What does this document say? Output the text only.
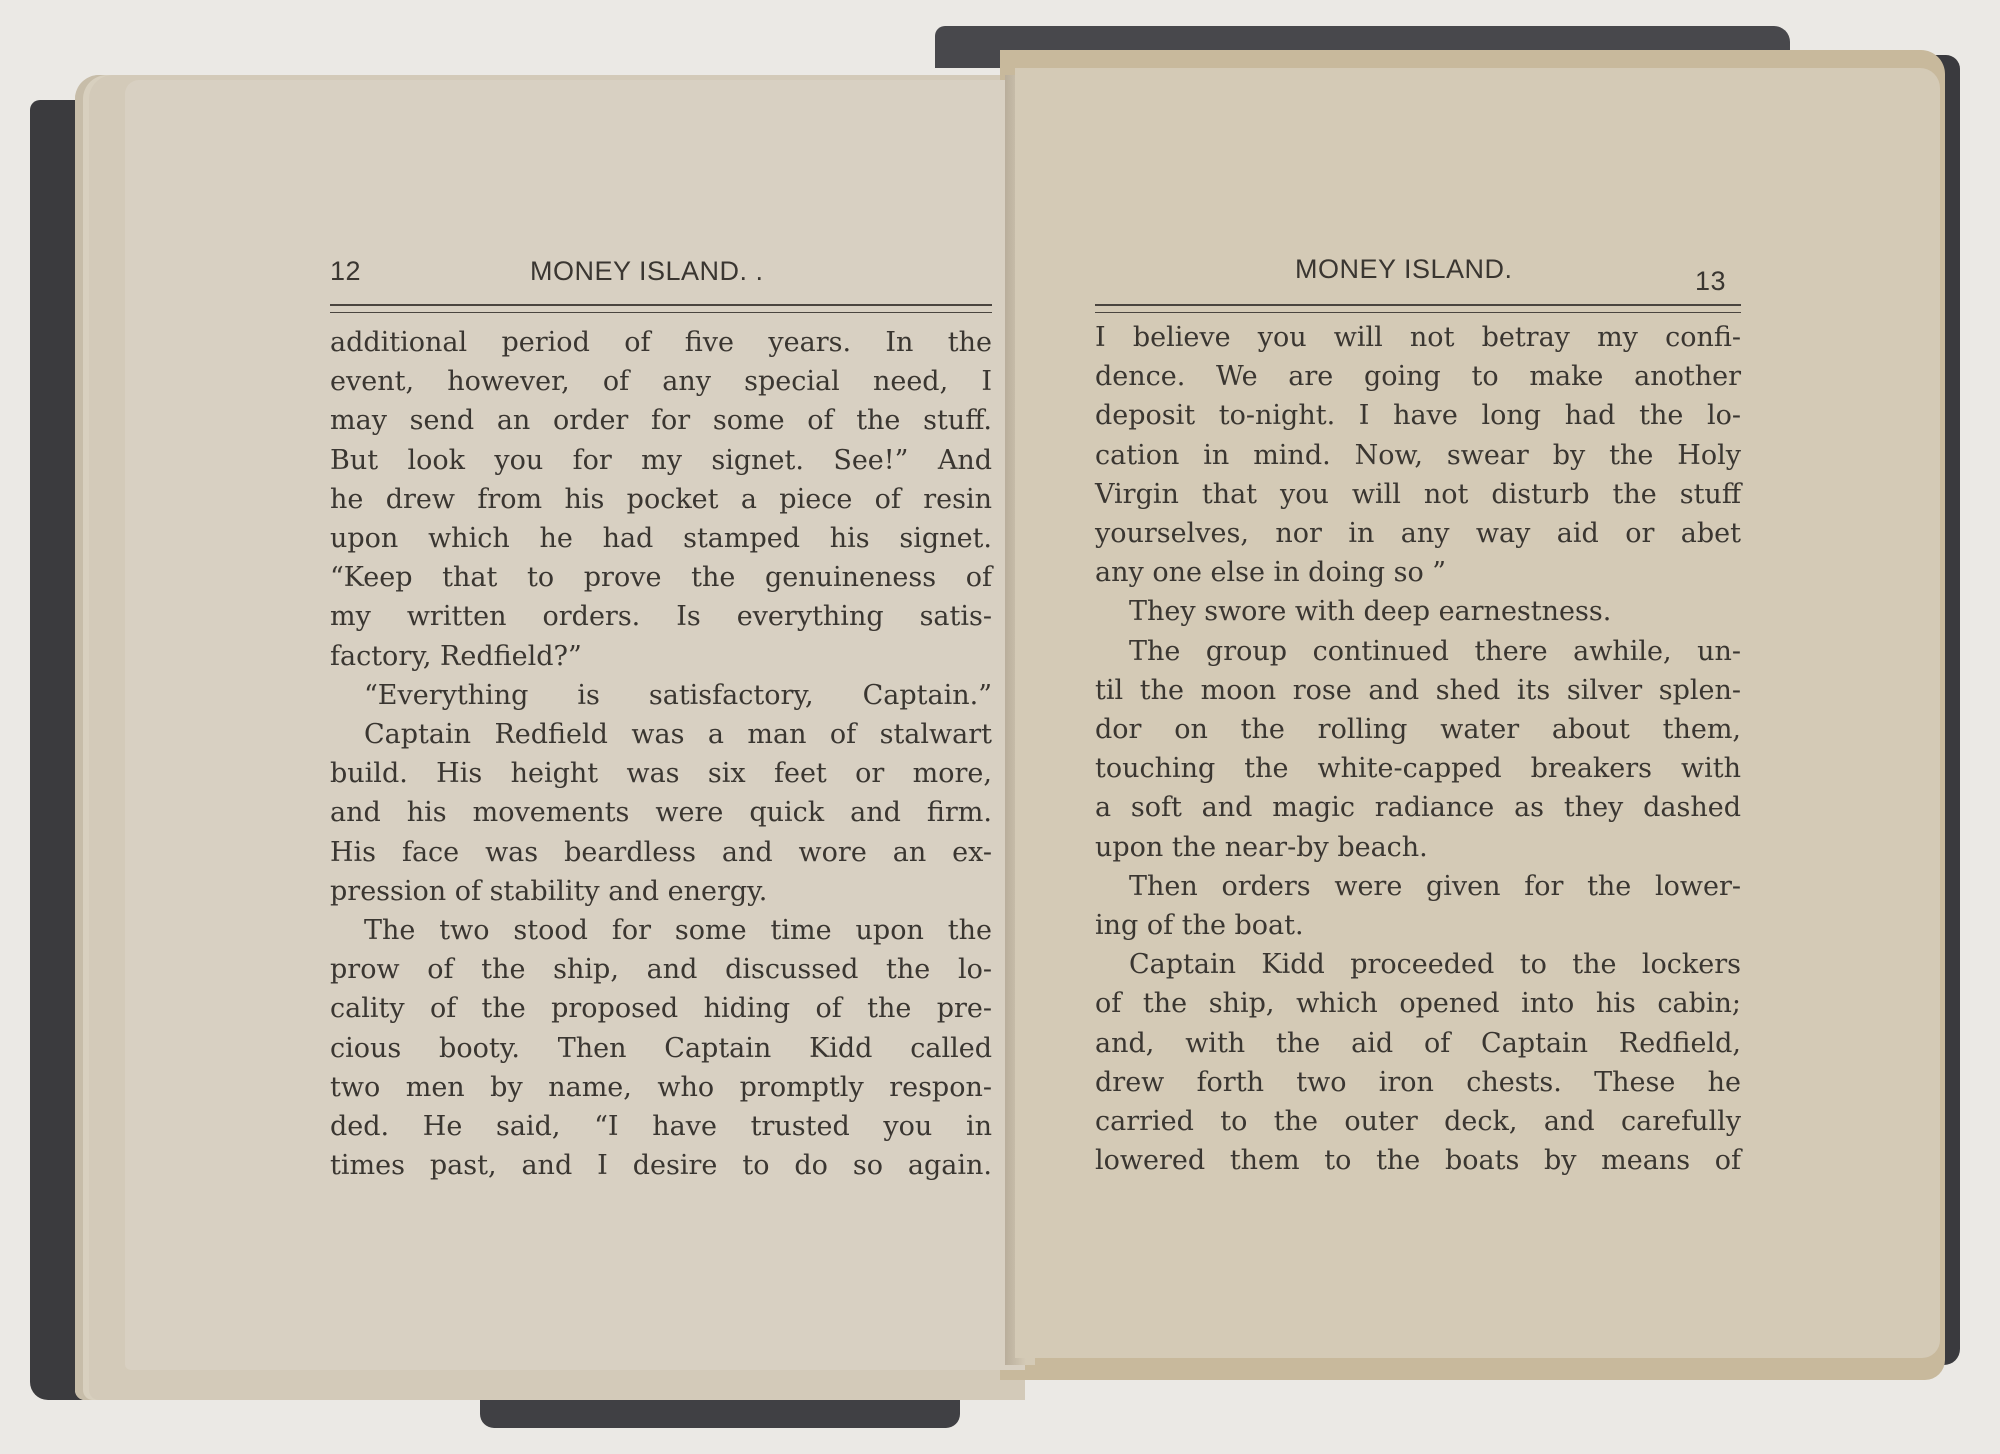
12	MONEY ISLAND. .
additional period of five years. In the
event, however, of any special need, I
may send an order for some of the stuff.
But look you for my signet. See!” And
he drew from his pocket a piece of resin
upon which he had stamped his signet.
“Keep that to prove the genuineness of
my written orders. Is everything satis-
factory, Redfield?”
“Everything is satisfactory, Captain.”
Captain Redfield was a man of stalwart
build. His height was six feet or more,
and his movements were quick and firm.
His face was beardless and wore an ex-
pression of stability and energy.
The two stood for some time upon the
prow of the ship, and discussed the lo-
cality of the proposed hiding of the pre-
cious booty. Then Captain Kidd called
two men by name, who promptly respon-
ded. He said, “I have trusted you in
times past, and I desire to do so again.
MONEY ISLAND.	13
I believe you will not betray my confi-
dence. We are going to make another
deposit to-night. I have long had the lo-
cation in mind. Now, swear by the Holy
Virgin that you will not disturb the stuff
yourselves, nor in any way aid or abet
any one else in doing so ”
They swore with deep earnestness.
The group continued there awhile, un-
til the moon rose and shed its silver splen-
dor on the rolling water about them,
touching the white-capped breakers with
a soft and magic radiance as they dashed
upon the near-by beach.
Then orders were given for the lower-
ing of the boat.
Captain Kidd proceeded to the lockers
of the ship, which opened into his cabin;
and, with the aid of Captain Redfield,
drew forth two iron chests. These he
carried to the outer deck, and carefully
lowered them to the boats by means of
